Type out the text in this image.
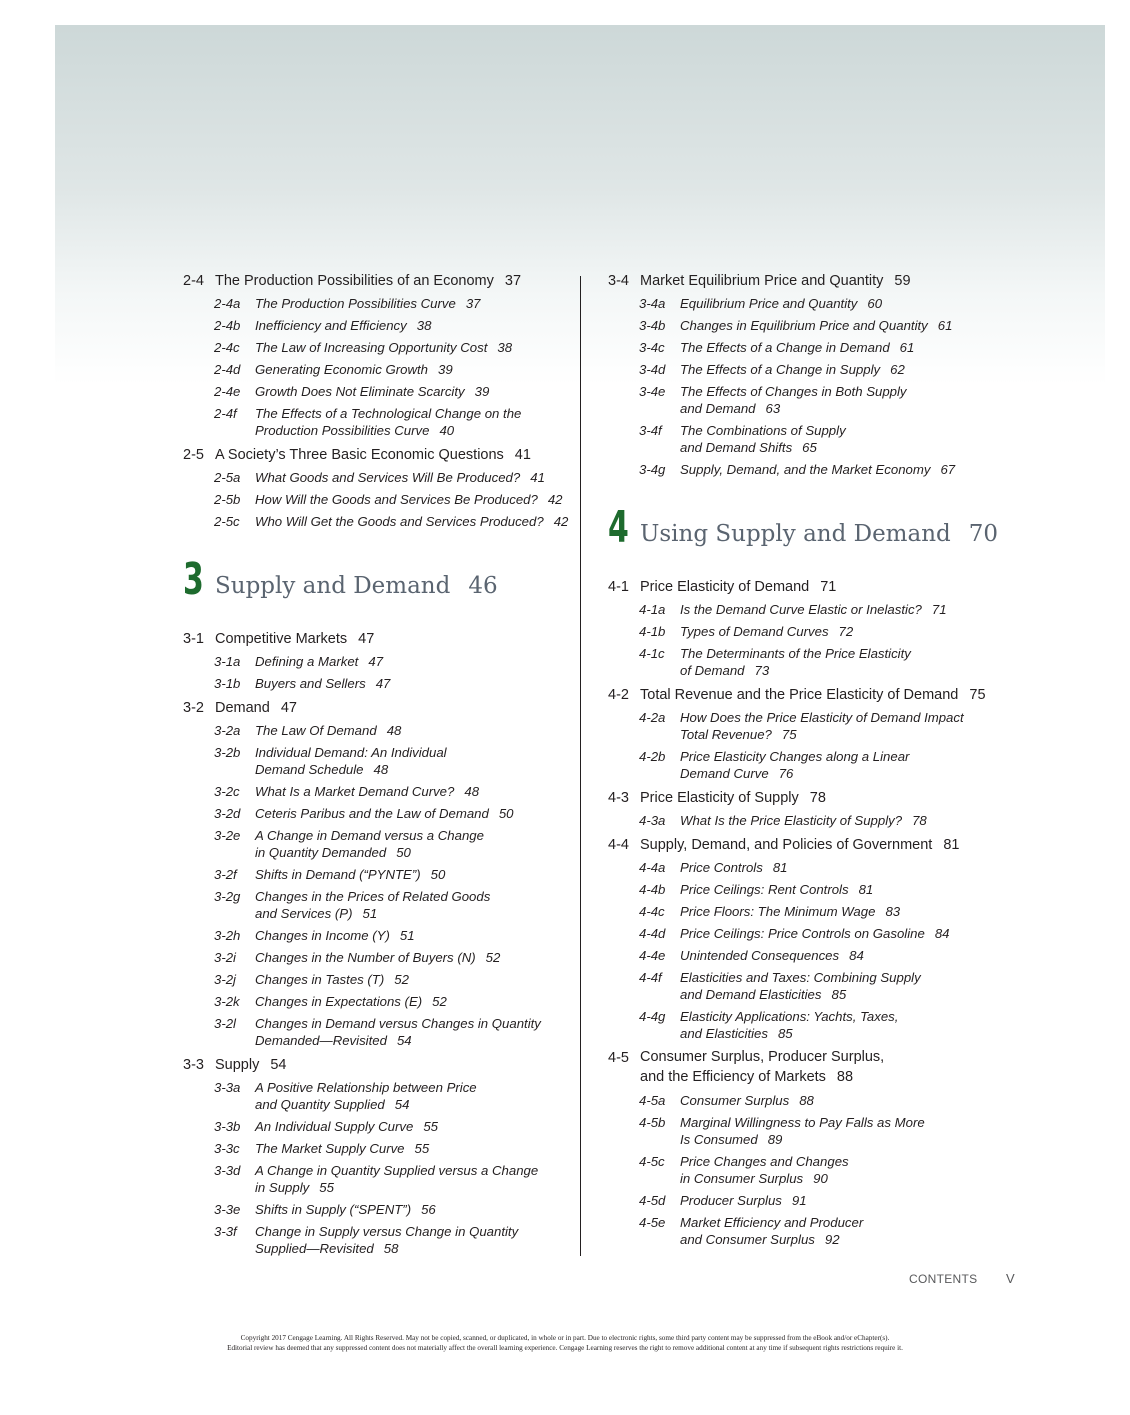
2-4 The Production Possibilities of an Economy 37
2-4a The Production Possibilities Curve 37
2-4b Inefficiency and Efficiency 38
2-4c The Law of Increasing Opportunity Cost 38
2-4d Generating Economic Growth 39
2-4e Growth Does Not Eliminate Scarcity 39
2-4f The Effects of a Technological Change on the
Production Possibilities Curve 40
2-5 A Society’s Three Basic Economic Questions 41
2-5a What Goods and Services Will Be Produced? 41
2-5b How Will the Goods and Services Be Produced? 42
2-5c Who Will Get the Goods and Services Produced? 42
3 Supply and Demand 46
3-1 Competitive Markets 47
3-1a Defining a Market 47
3-1b Buyers and Sellers 47
3-2 Demand 47
3-2a The Law Of Demand 48
3-2b Individual Demand: An Individual
Demand Schedule 48
3-2c What Is a Market Demand Curve? 48
3-2d Ceteris Paribus and the Law of Demand 50
3-2e A Change in Demand versus a Change
in Quantity Demanded 50
3-2f Shifts in Demand (“PYNTE”) 50
3-2g Changes in the Prices of Related Goods
and Services (P) 51
3-2h Changes in Income (Y) 51
3-2i Changes in the Number of Buyers (N) 52
3-2j Changes in Tastes (T) 52
3-2k Changes in Expectations (E) 52
3-2l Changes in Demand versus Changes in Quantity
Demanded—Revisited 54
3-3 Supply 54
3-3a A Positive Relationship between Price
and Quantity Supplied 54
3-3b An Individual Supply Curve 55
3-3c The Market Supply Curve 55
3-3d A Change in Quantity Supplied versus a Change
in Supply 55
3-3e Shifts in Supply (“SPENT”) 56
3-3f Change in Supply versus Change in Quantity
Supplied—Revisited 58
3-4 Market Equilibrium Price and Quantity 59
3-4a Equilibrium Price and Quantity 60
3-4b Changes in Equilibrium Price and Quantity 61
3-4c The Effects of a Change in Demand 61
3-4d The Effects of a Change in Supply 62
3-4e The Effects of Changes in Both Supply
and Demand 63
3-4f The Combinations of Supply
and Demand Shifts 65
3-4g Supply, Demand, and the Market Economy 67
4 Using Supply and Demand 70
4-1 Price Elasticity of Demand 71
4-1a Is the Demand Curve Elastic or Inelastic? 71
4-1b Types of Demand Curves 72
4-1c The Determinants of the Price Elasticity
of Demand 73
4-2 Total Revenue and the Price Elasticity of Demand 75
4-2a How Does the Price Elasticity of Demand Impact
Total Revenue? 75
4-2b Price Elasticity Changes along a Linear
Demand Curve 76
4-3 Price Elasticity of Supply 78
4-3a What Is the Price Elasticity of Supply? 78
4-4 Supply, Demand, and Policies of Government 81
4-4a Price Controls 81
4-4b Price Ceilings: Rent Controls 81
4-4c Price Floors: The Minimum Wage 83
4-4d Price Ceilings: Price Controls on Gasoline 84
4-4e Unintended Consequences 84
4-4f Elasticities and Taxes: Combining Supply
and Demand Elasticities 85
4-4g Elasticity Applications: Yachts, Taxes,
and Elasticities 85
4-5 Consumer Surplus, Producer Surplus,
and the Efficiency of Markets 88
4-5a Consumer Surplus 88
4-5b Marginal Willingness to Pay Falls as More
Is Consumed 89
4-5c Price Changes and Changes
in Consumer Surplus 90
4-5d Producer Surplus 91
4-5e Market Efficiency and Producer
and Consumer Surplus 92
CONTENTS V
Copyright 2017 Cengage Learning. All Rights Reserved. May not be copied, scanned, or duplicated, in whole or in part. Due to electronic rights, some third party content may be suppressed from the eBook and/or eChapter(s).
Editorial review has deemed that any suppressed content does not materially affect the overall learning experience. Cengage Learning reserves the right to remove additional content at any time if subsequent rights restrictions require it.
